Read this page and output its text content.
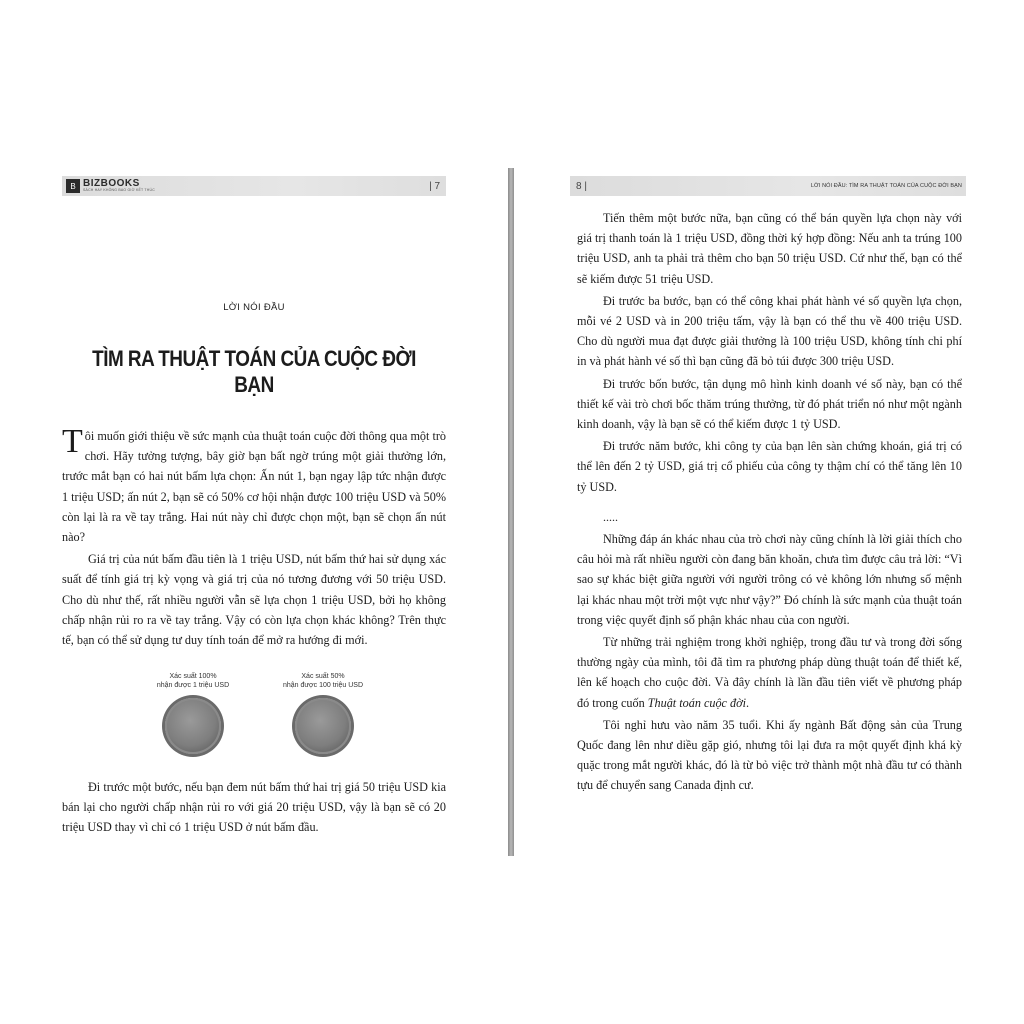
B BIZBOOKS
SÁCH HAY KHÔNG BAO GIỜ KẾT THÚC	| 7
LỜI NÓI ĐẦU
TÌM RA THUẬT TOÁN CỦA CUỘC ĐỜI BẠN

Tôi muốn giới thiệu về sức mạnh của thuật toán cuộc đời thông qua một trò chơi. Hãy tưởng tượng, bây giờ bạn bất ngờ trúng một giải thưởng lớn, trước mắt bạn có hai nút bấm lựa chọn: Ấn nút 1, bạn ngay lập tức nhận được 1 triệu USD; ấn nút 2, bạn sẽ có 50% cơ hội nhận được 100 triệu USD và 50% còn lại là ra về tay trắng. Hai nút này chỉ được chọn một, bạn sẽ chọn ấn nút nào?

Giá trị của nút bấm đầu tiên là 1 triệu USD, nút bấm thứ hai sử dụng xác suất để tính giá trị kỳ vọng và giá trị của nó tương đương với 50 triệu USD. Cho dù như thế, rất nhiều người vẫn sẽ lựa chọn 1 triệu USD, bởi họ không chấp nhận rủi ro ra về tay trắng. Vậy có còn lựa chọn khác không? Trên thực tế, bạn có thể sử dụng tư duy tính toán để mở ra hướng đi mới.

Xác suất 100%
nhận được 1 triệu USD
Xác suất 50%
nhận được 100 triệu USD

Đi trước một bước, nếu bạn đem nút bấm thứ hai trị giá 50 triệu USD kia bán lại cho người chấp nhận rủi ro với giá 20 triệu USD, vậy là bạn sẽ có 20 triệu USD thay vì chỉ có 1 triệu USD ở nút bấm đầu.

8 |	LỜI NÓI ĐẦU: TÌM RA THUẬT TOÁN CỦA CUỘC ĐỜI BẠN

Tiến thêm một bước nữa, bạn cũng có thể bán quyền lựa chọn này với giá trị thanh toán là 1 triệu USD, đồng thời ký hợp đồng: Nếu anh ta trúng 100 triệu USD, anh ta phải trả thêm cho bạn 50 triệu USD. Cứ như thế, bạn có thể sẽ kiếm được 51 triệu USD.

Đi trước ba bước, bạn có thể công khai phát hành vé số quyền lựa chọn, mỗi vé 2 USD và in 200 triệu tấm, vậy là bạn có thể thu về 400 triệu USD. Cho dù người mua đạt được giải thưởng là 100 triệu USD, không tính chi phí in và phát hành vé số thì bạn cũng đã bỏ túi được 300 triệu USD.

Đi trước bốn bước, tận dụng mô hình kinh doanh vé số này, bạn có thể thiết kế vài trò chơi bốc thăm trúng thưởng, từ đó phát triển nó như một ngành kinh doanh, vậy là bạn sẽ có thể kiếm được 1 tỷ USD.

Đi trước năm bước, khi công ty của bạn lên sàn chứng khoán, giá trị có thể lên đến 2 tỷ USD, giá trị cổ phiếu của công ty thậm chí có thể tăng lên 10 tỷ USD.

.....

Những đáp án khác nhau của trò chơi này cũng chính là lời giải thích cho câu hỏi mà rất nhiều người còn đang băn khoăn, chưa tìm được câu trả lời: “Vì sao sự khác biệt giữa người với người trông có vẻ không lớn nhưng số mệnh lại khác nhau một trời một vực như vậy?” Đó chính là sức mạnh của thuật toán trong việc quyết định số phận khác nhau của con người.

Từ những trải nghiệm trong khởi nghiệp, trong đầu tư và trong đời sống thường ngày của mình, tôi đã tìm ra phương pháp dùng thuật toán để thiết kế, lên kế hoạch cho cuộc đời. Và đây chính là lần đầu tiên viết về phương pháp đó trong cuốn Thuật toán cuộc đời.

Tôi nghỉ hưu vào năm 35 tuổi. Khi ấy ngành Bất động sản của Trung Quốc đang lên như diều gặp gió, nhưng tôi lại đưa ra một quyết định khá kỳ quặc trong mắt người khác, đó là từ bỏ việc trở thành một nhà đầu tư có thành tựu để chuyển sang Canada định cư.
